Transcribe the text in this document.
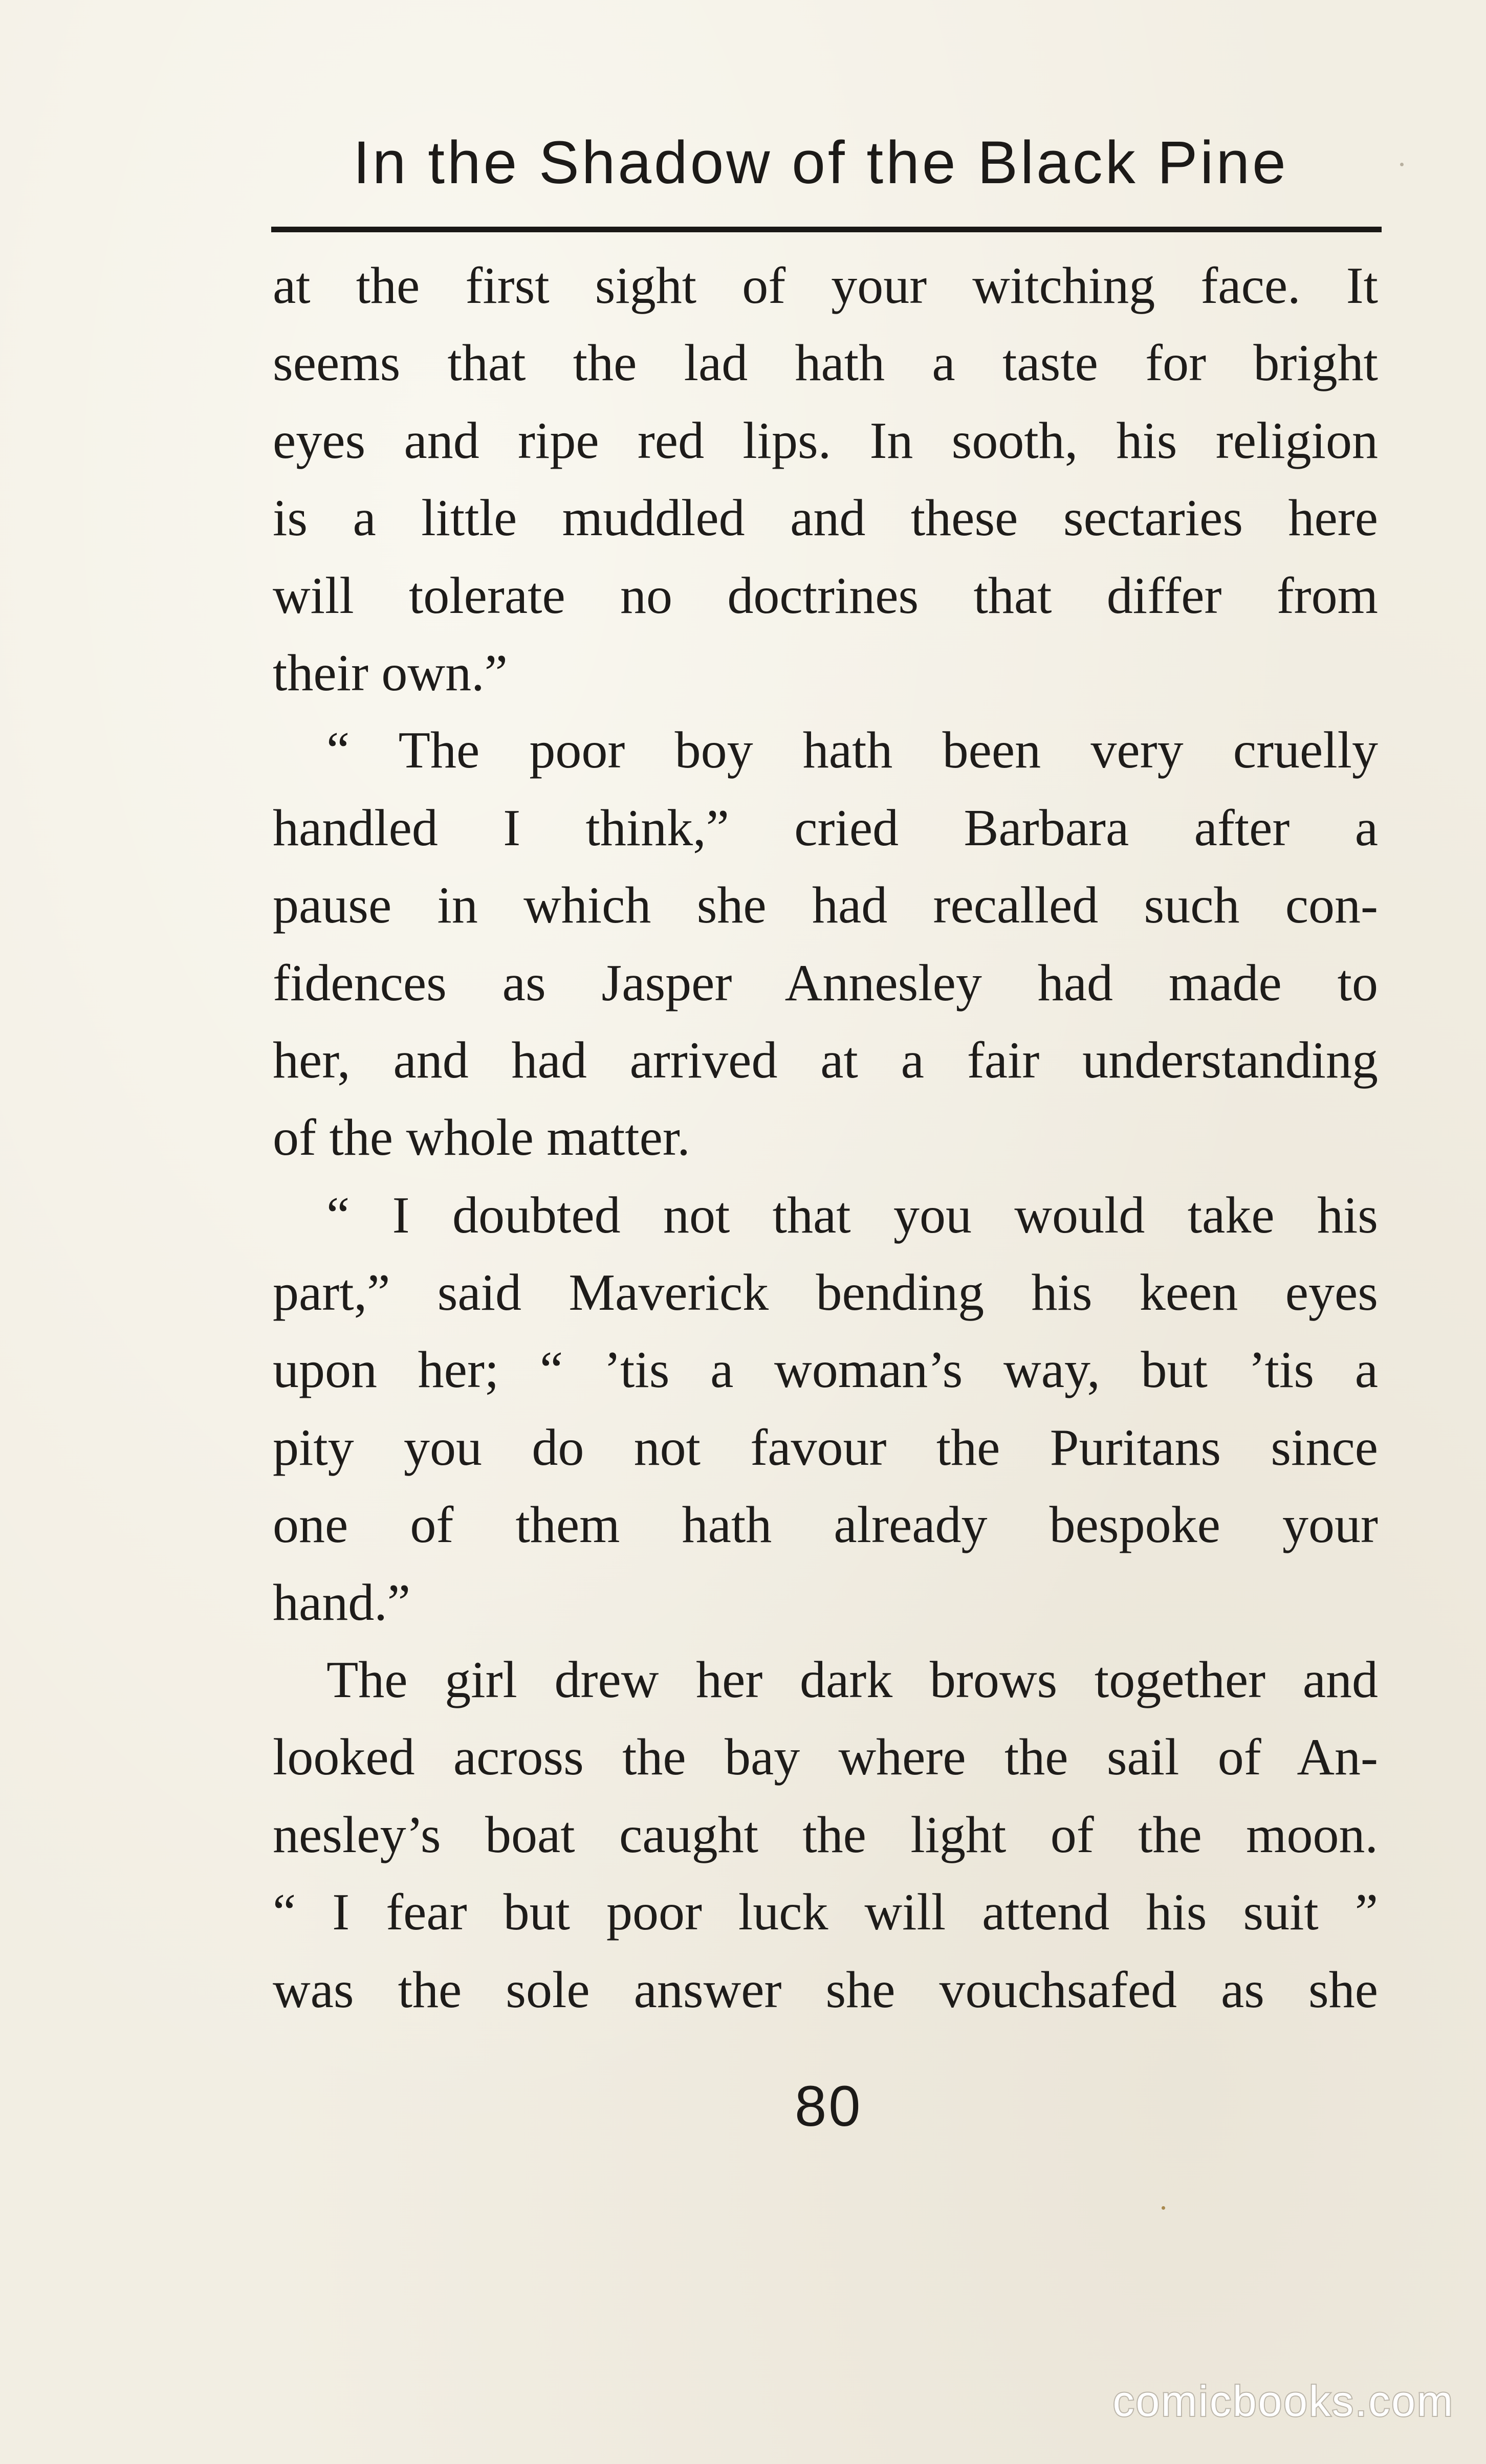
In the Shadow of the Black Pine
at the first sight of your witching face. It
seems that the lad hath a taste for bright
eyes and ripe red lips. In sooth, his religion
is a little muddled and these sectaries here
will tolerate no doctrines that differ from
their own.”
“ The poor boy hath been very cruelly
handled I think,” cried Barbara after a
pause in which she had recalled such con-
fidences as Jasper Annesley had made to
her, and had arrived at a fair understanding
of the whole matter.
“ I doubted not that you would take his
part,” said Maverick bending his keen eyes
upon her; “ ’tis a woman’s way, but ’tis a
pity you do not favour the Puritans since
one of them hath already bespoke your
hand.”
The girl drew her dark brows together and
looked across the bay where the sail of An-
nesley’s boat caught the light of the moon.
“ I fear but poor luck will attend his suit ”
was the sole answer she vouchsafed as she
80
comicbooks.com
